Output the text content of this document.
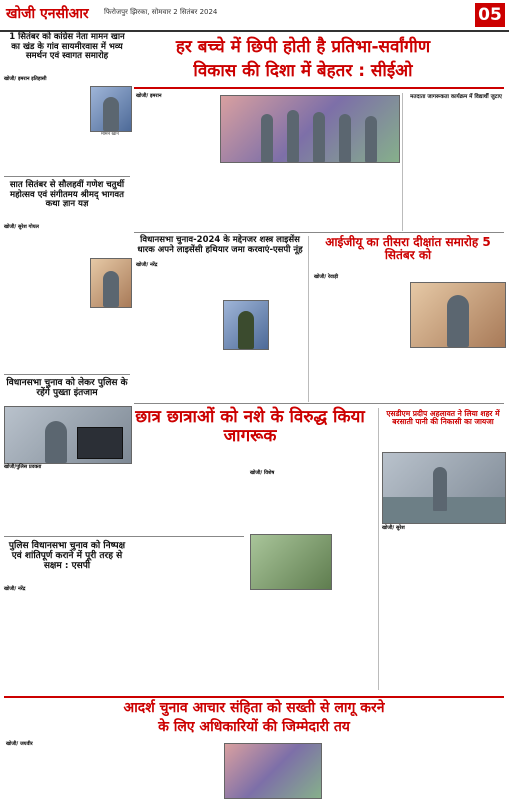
खोजी एनसीआर फिरोजपुर झिरका, सोमवार 2 सितंबर 2024	05
1 सितंबर को कांग्रेस नेता मामन खान का खंड के गांव सायमीरवास में भव्य समर्थन एवं स्वागत समारोह
खोजी/ इमरान इतिहासी

मामन खान
सात सितंबर से सौलहवीं गणेश चतुर्थी महोत्सव एवं संगीतमय श्रीमद् भागवत कथा ज्ञान यज्ञ
खोजी/ सुरेश गोयल

विधानसभा चुनाव को लेकर पुलिस के रहेंगे पुख्ता इंतजाम
खोजी/पुलिस प्रवक्ता

पुलिस विधानसभा चुनाव को निष्पक्ष एवं शांतिपूर्ण कराने में पूरी तरह से सक्षम : एसपी
खोजी/ नरेंद्र

हर बच्चे में छिपी होती है प्रतिभा-सर्वांगीण
विकास की दिशा में बेहतर : सीईओ
खोजी/ इमरान

	मतदाता जागरूकता कार्यक्रम में विद्यार्थी जुटाए

विधानसभा चुनाव-2024 के मद्देनजर शस्त्र लाइसेंस धारक अपने लाइसेंसी हथियार जमा करवाएं-एसपी नूंह
खोजी/ नरेंद्र

आईजीयू का तीसरा दीक्षांत समारोह 5 सितंबर को
खोजी/ रेवाड़ी

छात्र छात्राओं को नशे के विरुद्ध किया जागरूक
खोजी/ विशेष

एसडीएम प्रदीप अहलावत ने लिया शहर में बरसाती पानी की निकासी का जायजा
खोजी/ सुरेश

आदर्श चुनाव आचार संहिता को सख्ती से लागू करने
के लिए अधिकारियों की जिम्मेदारी तय
खोजी/ जयवीर
